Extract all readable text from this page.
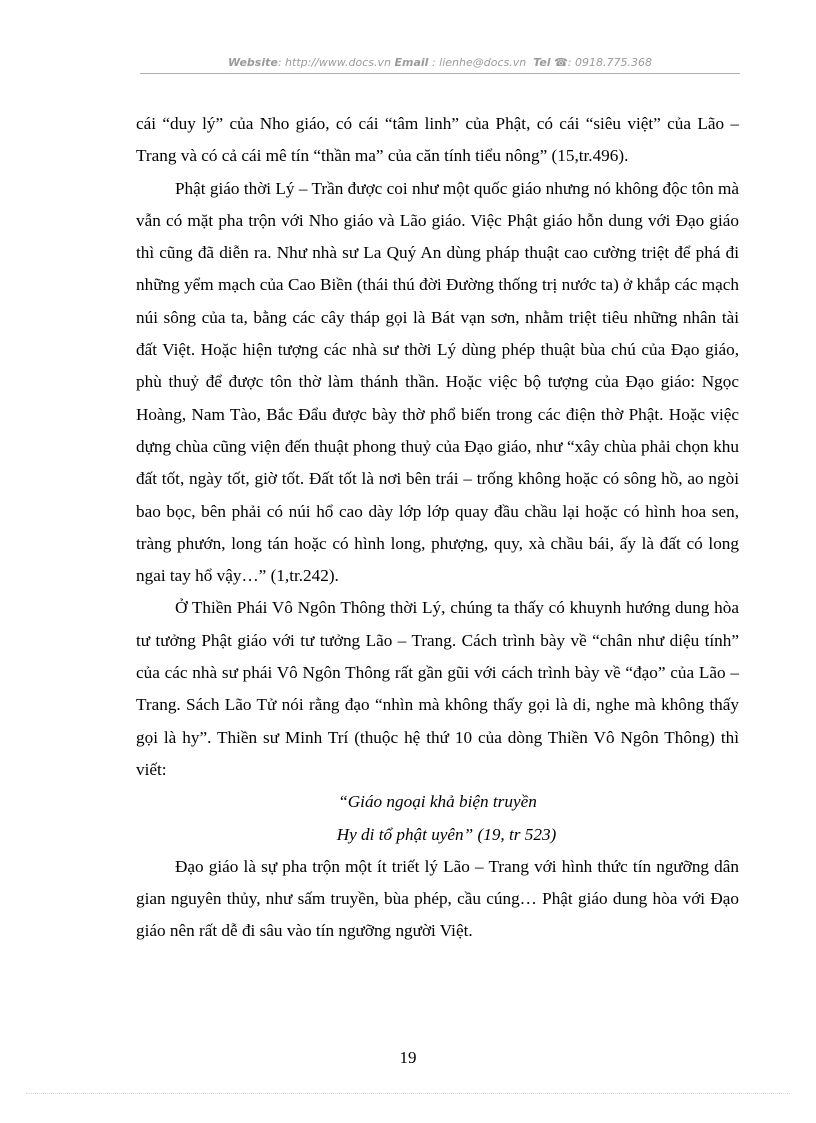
Website: http://www.docs.vn Email : lienhe@docs.vn Tel ☎: 0918.775.368

cái “duy lý” của Nho giáo, có cái “tâm linh” của Phật, có cái “siêu việt” của Lão – Trang và có cả cái mê tín “thần ma” của căn tính tiểu nông” (15,tr.496).

Phật giáo thời Lý – Trần được coi như một quốc giáo nhưng nó không độc tôn mà vẫn có mặt pha trộn với Nho giáo và Lão giáo. Việc Phật giáo hỗn dung với Đạo giáo thì cũng đã diễn ra. Như nhà sư La Quý An dùng pháp thuật cao cường triệt để phá đi những yểm mạch của Cao Biền (thái thú đời Đường thống trị nước ta) ở khắp các mạch núi sông của ta, bằng các cây tháp gọi là Bát vạn sơn, nhằm triệt tiêu những nhân tài đất Việt. Hoặc hiện tượng các nhà sư thời Lý dùng phép thuật bùa chú của Đạo giáo, phù thuỷ để được tôn thờ làm thánh thần. Hoặc việc bộ tượng của Đạo giáo: Ngọc Hoàng, Nam Tào, Bắc Đẩu được bày thờ phổ biến trong các điện thờ Phật. Hoặc việc dựng chùa cũng viện đến thuật phong thuỷ của Đạo giáo, như “xây chùa phải chọn khu đất tốt, ngày tốt, giờ tốt. Đất tốt là nơi bên trái – trống không hoặc có sông hồ, ao ngòi bao bọc, bên phải có núi hổ cao dày lớp lớp quay đầu chầu lại hoặc có hình hoa sen, tràng phướn, long tán hoặc có hình long, phượng, quy, xà chầu bái, ấy là đất có long ngai tay hổ vậy…” (1,tr.242).

Ở Thiền Phái Vô Ngôn Thông thời Lý, chúng ta thấy có khuynh hướng dung hòa tư tưởng Phật giáo với tư tưởng Lão – Trang. Cách trình bày về “chân như diệu tính” của các nhà sư phái Vô Ngôn Thông rất gần gũi với cách trình bày về “đạo” của Lão – Trang. Sách Lão Tử nói rằng đạo “nhìn mà không thấy gọi là di, nghe mà không thấy gọi là hy”. Thiền sư Minh Trí (thuộc hệ thứ 10 của dòng Thiền Vô Ngôn Thông) thì viết:

“Giáo ngoại khả biện truyền
Hy di tổ phật uyên” (19, tr 523)

Đạo giáo là sự pha trộn một ít triết lý Lão – Trang với hình thức tín ngưỡng dân gian nguyên thủy, như sấm truyền, bùa phép, cầu cúng… Phật giáo dung hòa với Đạo giáo nên rất dễ đi sâu vào tín ngưỡng người Việt.

19
